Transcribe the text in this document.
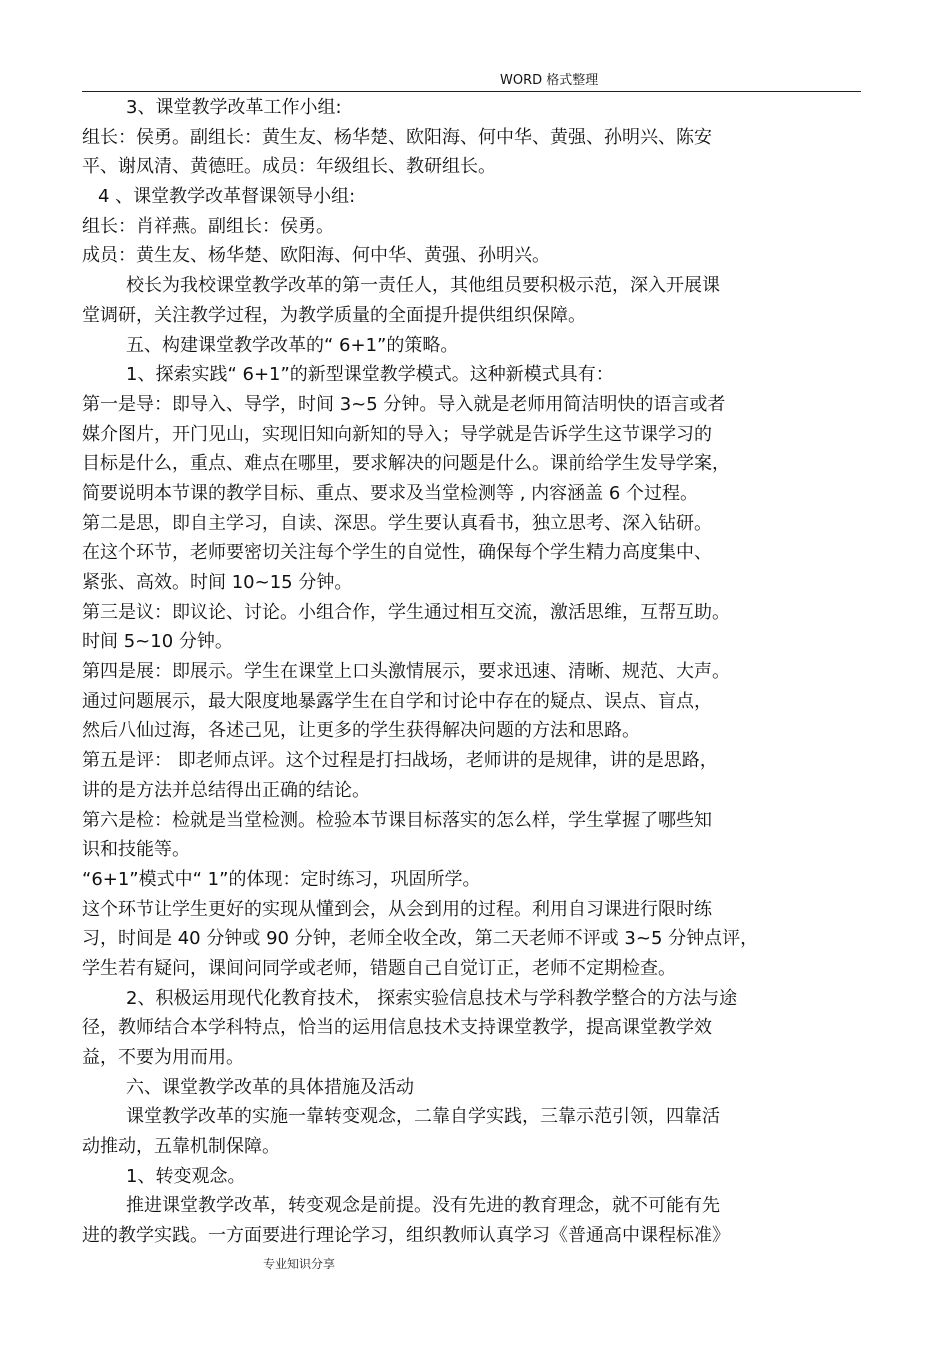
WORD 格式整理
3、课堂教学改革工作小组:
组长：侯勇。副组长：黄生友、杨华楚、欧阳海、何中华、黄强、孙明兴、陈安
平、谢凤清、黄德旺。成员：年级组长、教研组长。
4 、课堂教学改革督课领导小组:
组长：肖祥燕。副组长：侯勇。
成员：黄生友、杨华楚、欧阳海、何中华、黄强、孙明兴。
校长为我校课堂教学改革的第一责任人，其他组员要积极示范，深入开展课
堂调研，关注教学过程，为教学质量的全面提升提供组织保障。
五、构建课堂教学改革的“ 6+1”的策略。
1、探索实践“ 6+1”的新型课堂教学模式。这种新模式具有：
第一是导：即导入、导学，时间 3~5 分钟。导入就是老师用简洁明快的语言或者
媒介图片，开门见山，实现旧知向新知的导入；导学就是告诉学生这节课学习的
目标是什么，重点、难点在哪里，要求解决的问题是什么。课前给学生发导学案，
简要说明本节课的教学目标、重点、要求及当堂检测等 , 内容涵盖 6 个过程。
第二是思，即自主学习，自读、深思。学生要认真看书，独立思考、深入钻研。
在这个环节，老师要密切关注每个学生的自觉性，确保每个学生精力高度集中、
紧张、高效。时间 10~15 分钟。
第三是议：即议论、讨论。小组合作，学生通过相互交流，激活思维，互帮互助。
时间 5~10 分钟。
第四是展：即展示。学生在课堂上口头激情展示，要求迅速、清晰、规范、大声。
通过问题展示，最大限度地暴露学生在自学和讨论中存在的疑点、误点、盲点，
然后八仙过海，各述己见，让更多的学生获得解决问题的方法和思路。
第五是评： 即老师点评。这个过程是打扫战场，老师讲的是规律，讲的是思路，
讲的是方法并总结得出正确的结论。
第六是检：检就是当堂检测。检验本节课目标落实的怎么样，学生掌握了哪些知
识和技能等。
“6+1”模式中“ 1”的体现：定时练习，巩固所学。
这个环节让学生更好的实现从懂到会，从会到用的过程。利用自习课进行限时练
习，时间是 40 分钟或 90 分钟，老师全收全改，第二天老师不评或 3~5 分钟点评，
学生若有疑问，课间问同学或老师，错题自己自觉订正，老师不定期检查。
2、积极运用现代化教育技术， 探索实验信息技术与学科教学整合的方法与途
径，教师结合本学科特点，恰当的运用信息技术支持课堂教学，提高课堂教学效
益，不要为用而用。
六、课堂教学改革的具体措施及活动
课堂教学改革的实施一靠转变观念，二靠自学实践，三靠示范引领，四靠活
动推动，五靠机制保障。
1、转变观念。
推进课堂教学改革，转变观念是前提。没有先进的教育理念，就不可能有先
进的教学实践。一方面要进行理论学习，组织教师认真学习《普通高中课程标准》
专业知识分享
